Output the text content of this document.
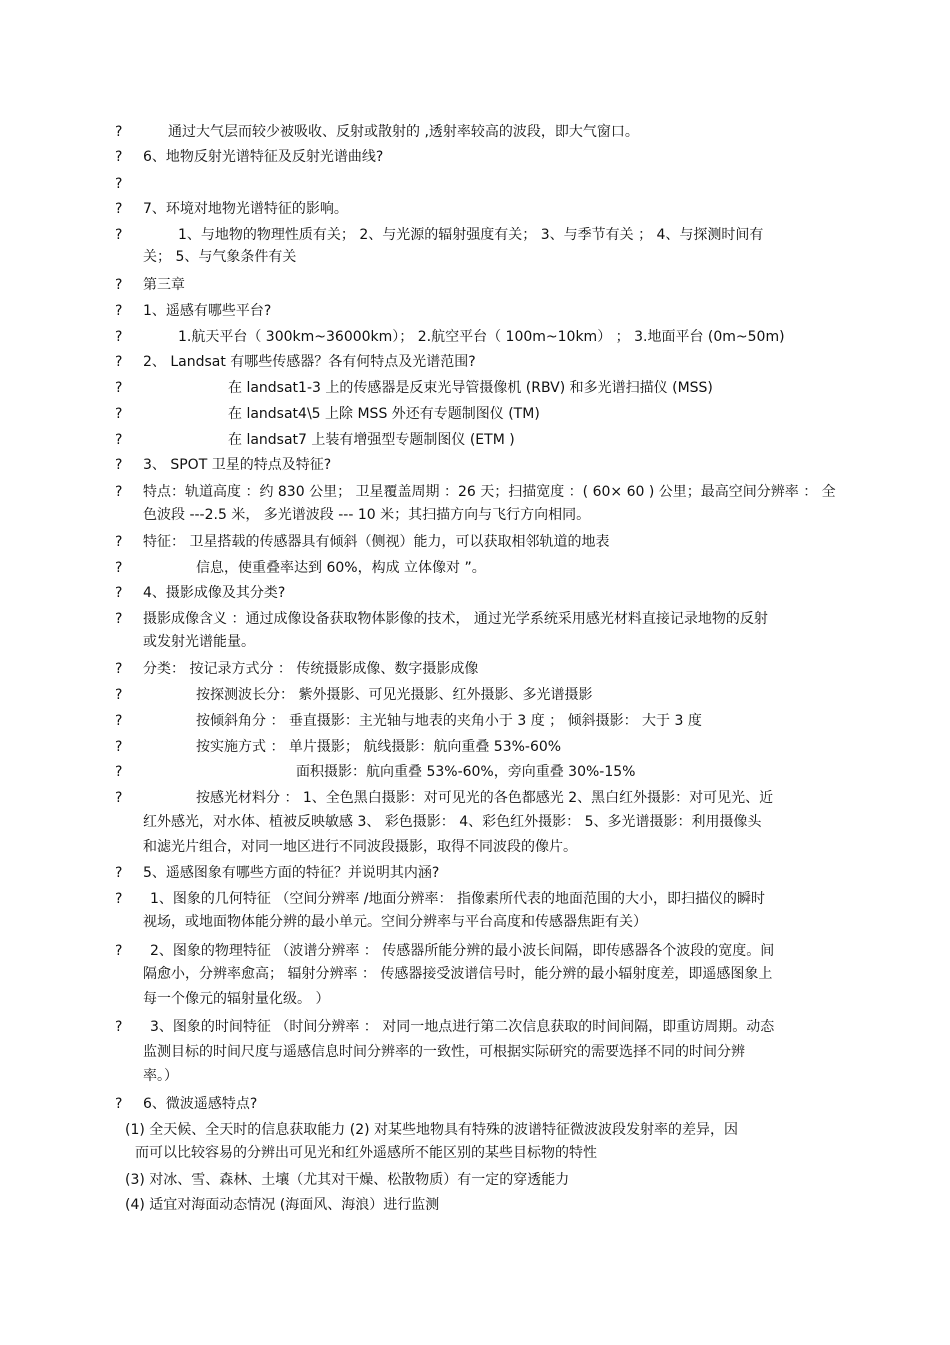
?	通过大气层而较少被吸收、反射或散射的 ,透射率较高的波段，即大气窗口。
? 6、地物反射光谱特征及反射光谱曲线?
?
? 7、环境对地物光谱特征的影响。
?	1、与地物的物理性质有关； 2、与光源的辐射强度有关； 3、与季节有关 ； 4、与探测时间有
关； 5、与气象条件有关
? 第三章
? 1、遥感有哪些平台?
?	1.航天平台（ 300km~36000km）； 2.航空平台（ 100m~10km） ； 3.地面平台 (0m~50m)
? 2、 Landsat 有哪些传感器？各有何特点及光谱范围?
?	在 landsat1-3 上的传感器是反束光导管摄像机 (RBV) 和多光谱扫描仪 (MSS)
?	在 landsat4\5 上除 MSS 外还有专题制图仪 (TM)
?	在 landsat7 上装有增强型专题制图仪 (ETM )
? 3、 SPOT 卫星的特点及特征?
? 特点：轨道高度 ：约 830 公里； 卫星覆盖周期 ：26 天；扫描宽度 ：( 60× 60 ) 公里；最高空间分辨率 ： 全
色波段 ---2.5 米， 多光谱波段 --- 10 米；其扫描方向与飞行方向相同。
? 特征： 卫星搭载的传感器具有倾斜（侧视）能力，可以获取相邻轨道的地表
?	信息，使重叠率达到 60%，构成 立体像对 ”。
? 4、摄影成像及其分类?
? 摄影成像含义 ：通过成像设备获取物体影像的技术， 通过光学系统采用感光材料直接记录地物的反射
或发射光谱能量。
? 分类： 按记录方式分 ： 传统摄影成像、数字摄影成像
?	按探测波长分： 紫外摄影、可见光摄影、红外摄影、多光谱摄影
?	按倾斜角分 ： 垂直摄影：主光轴与地表的夹角小于 3 度 ； 倾斜摄影： 大于 3 度
?	按实施方式 ： 单片摄影； 航线摄影：航向重叠 53%-60%
?	面积摄影：航向重叠 53%-60%，旁向重叠 30%-15%
?	按感光材料分 ： 1、全色黑白摄影：对可见光的各色都感光 2、黑白红外摄影：对可见光、近
红外感光，对水体、植被反映敏感 3、 彩色摄影： 4、彩色红外摄影： 5、多光谱摄影：利用摄像头
和滤光片组合，对同一地区进行不同波段摄影，取得不同波段的像片。
? 5、遥感图象有哪些方面的特征？并说明其内涵?
? 1、图象的几何特征 （空间分辨率 /地面分辨率： 指像素所代表的地面范围的大小，即扫描仪的瞬时
视场，或地面物体能分辨的最小单元。空间分辨率与平台高度和传感器焦距有关）
? 2、图象的物理特征 （波谱分辨率 ： 传感器所能分辨的最小波长间隔，即传感器各个波段的宽度。间
隔愈小，分辨率愈高； 辐射分辨率 ： 传感器接受波谱信号时，能分辨的最小辐射度差，即遥感图象上
每一个像元的辐射量化级。 ）
? 3、图象的时间特征 （时间分辨率 ： 对同一地点进行第二次信息获取的时间间隔，即重访周期。动态
监测目标的时间尺度与遥感信息时间分辨率的一致性，可根据实际研究的需要选择不同的时间分辨
率。）
? 6、微波遥感特点?
(1) 全天候、全天时的信息获取能力 (2) 对某些地物具有特殊的波谱特征微波波段发射率的差异，因
而可以比较容易的分辨出可见光和红外遥感所不能区别的某些目标物的特性
(3) 对冰、雪、森林、土壤（尤其对干燥、松散物质）有一定的穿透能力
(4) 适宜对海面动态情况 (海面风、海浪）进行监测
